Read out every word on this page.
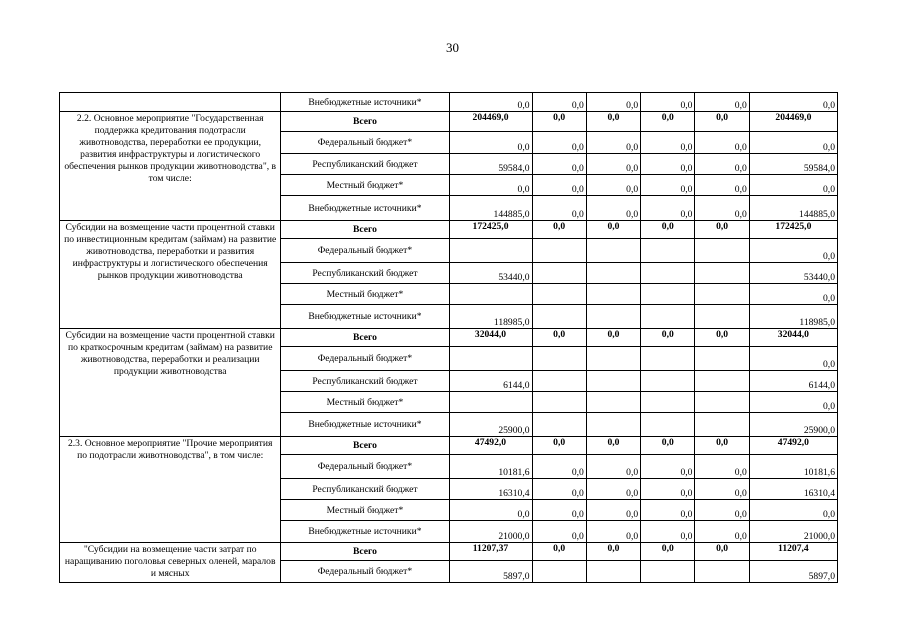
30
	Внебюджетные источники*	0,0	0,0	0,0	0,0	0,0	0,0
2.2. Основное мероприятие "Государственная поддержка кредитования подотрасли животноводства, переработки ее продукции, развития инфраструктуры и логистического обеспечения рынков продукции животноводства", в том числе:	Всего	204469,0	0,0	0,0	0,0	0,0	204469,0
	Федеральный бюджет*	0,0	0,0	0,0	0,0	0,0	0,0
	Республиканский бюджет	59584,0	0,0	0,0	0,0	0,0	59584,0
	Местный бюджет*	0,0	0,0	0,0	0,0	0,0	0,0
	Внебюджетные источники*	144885,0	0,0	0,0	0,0	0,0	144885,0
Субсидии на возмещение части процентной ставки по инвестиционным кредитам (займам) на развитие животноводства, переработки и развития инфраструктуры и логистического обеспечения рынков продукции животноводства	Всего	172425,0	0,0	0,0	0,0	0,0	172425,0
	Федеральный бюджет*						0,0
	Республиканский бюджет	53440,0					53440,0
	Местный бюджет*						0,0
	Внебюджетные источники*	118985,0					118985,0
Субсидии на возмещение части процентной ставки по краткосрочным кредитам (займам) на развитие животноводства, переработки и реализации продукции животноводства	Всего	32044,0	0,0	0,0	0,0	0,0	32044,0
	Федеральный бюджет*						0,0
	Республиканский бюджет	6144,0					6144,0
	Местный бюджет*						0,0
	Внебюджетные источники*	25900,0					25900,0
2.3. Основное мероприятие "Прочие мероприятия по подотрасли животноводства", в том числе:	Всего	47492,0	0,0	0,0	0,0	0,0	47492,0
	Федеральный бюджет*	10181,6	0,0	0,0	0,0	0,0	10181,6
	Республиканский бюджет	16310,4	0,0	0,0	0,0	0,0	16310,4
	Местный бюджет*	0,0	0,0	0,0	0,0	0,0	0,0
	Внебюджетные источники*	21000,0	0,0	0,0	0,0	0,0	21000,0
"Субсидии на возмещение части затрат по наращиванию поголовья северных оленей, маралов и мясных	Всего	11207,37	0,0	0,0	0,0	0,0	11207,4
	Федеральный бюджет*	5897,0					5897,0
